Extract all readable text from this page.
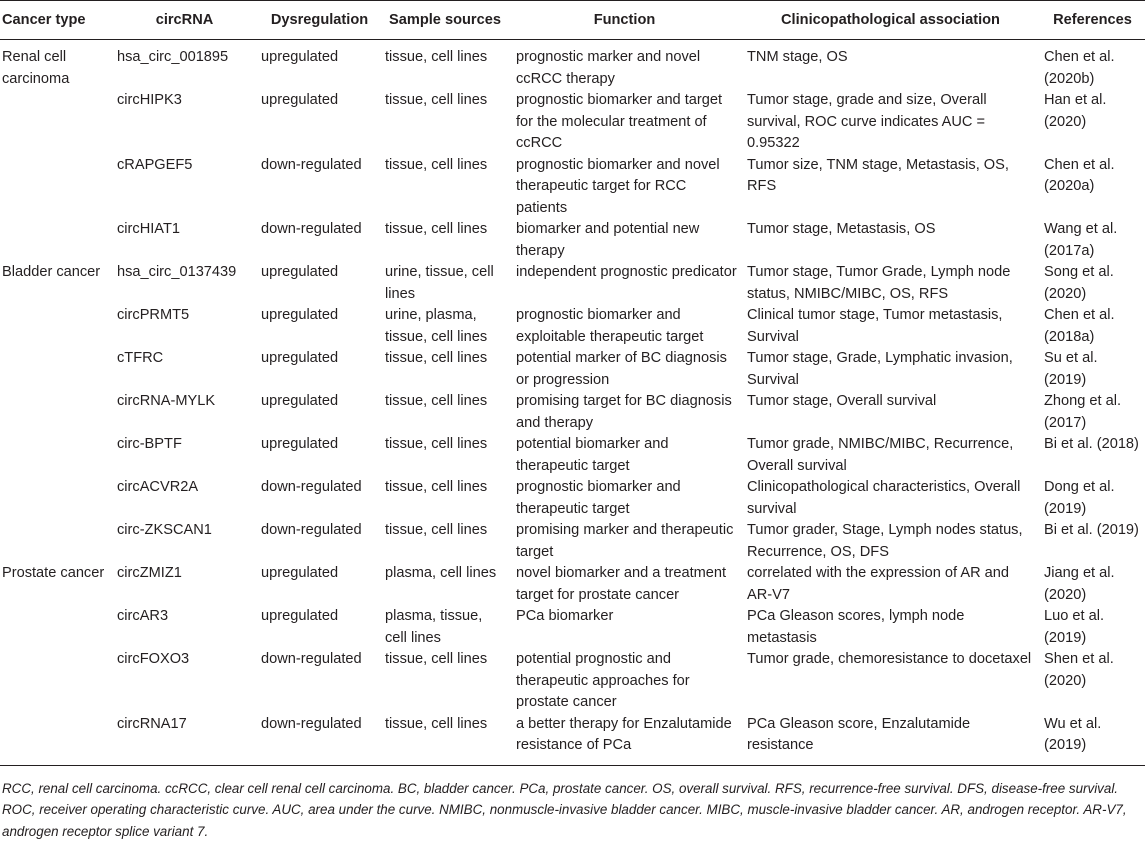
Cancer type	circRNA	Dysregulation	Sample sources	Function	Clinicopathological association	References
Renal cell carcinoma	hsa_circ_001895	upregulated	tissue, cell lines	prognostic marker and novel ccRCC therapy	TNM stage, OS	Chen et al. (2020b)
	circHIPK3	upregulated	tissue, cell lines	prognostic biomarker and target for the molecular treatment of ccRCC	Tumor stage, grade and size, Overall survival, ROC curve indicates AUC = 0.95322	Han et al. (2020)
	cRAPGEF5	down-regulated	tissue, cell lines	prognostic biomarker and novel therapeutic target for RCC patients	Tumor size, TNM stage, Metastasis, OS, RFS	Chen et al. (2020a)
	circHIAT1	down-regulated	tissue, cell lines	biomarker and potential new therapy	Tumor stage, Metastasis, OS	Wang et al. (2017a)
Bladder cancer	hsa_circ_0137439	upregulated	urine, tissue, cell lines	independent prognostic predicator	Tumor stage, Tumor Grade, Lymph node status, NMIBC/MIBC, OS, RFS	Song et al. (2020)
	circPRMT5	upregulated	urine, plasma, tissue, cell lines	prognostic biomarker and exploitable therapeutic target	Clinical tumor stage, Tumor metastasis, Survival	Chen et al. (2018a)
	cTFRC	upregulated	tissue, cell lines	potential marker of BC diagnosis or progression	Tumor stage, Grade, Lymphatic invasion, Survival	Su et al. (2019)
	circRNA-MYLK	upregulated	tissue, cell lines	promising target for BC diagnosis and therapy	Tumor stage, Overall survival	Zhong et al. (2017)
	circ-BPTF	upregulated	tissue, cell lines	potential biomarker and therapeutic target	Tumor grade, NMIBC/MIBC, Recurrence, Overall survival	Bi et al. (2018)
	circACVR2A	down-regulated	tissue, cell lines	prognostic biomarker and therapeutic target	Clinicopathological characteristics, Overall survival	Dong et al. (2019)
	circ-ZKSCAN1	down-regulated	tissue, cell lines	promising marker and therapeutic target	Tumor grader, Stage, Lymph nodes status, Recurrence, OS, DFS	Bi et al. (2019)
Prostate cancer	circZMIZ1	upregulated	plasma, cell lines	novel biomarker and a treatment target for prostate cancer	correlated with the expression of AR and AR-V7	Jiang et al. (2020)
	circAR3	upregulated	plasma, tissue, cell lines	PCa biomarker	PCa Gleason scores, lymph node metastasis	Luo et al. (2019)
	circFOXO3	down-regulated	tissue, cell lines	potential prognostic and therapeutic approaches for prostate cancer	Tumor grade, chemoresistance to docetaxel	Shen et al. (2020)
	circRNA17	down-regulated	tissue, cell lines	a better therapy for Enzalutamide resistance of PCa	PCa Gleason score, Enzalutamide resistance	Wu et al. (2019)
RCC, renal cell carcinoma. ccRCC, clear cell renal cell carcinoma. BC, bladder cancer. PCa, prostate cancer. OS, overall survival. RFS, recurrence-free survival. DFS, disease-free survival. ROC, receiver operating characteristic curve. AUC, area under the curve. NMIBC, nonmuscle-invasive bladder cancer. MIBC, muscle-invasive bladder cancer. AR, androgen receptor. AR-V7, androgen receptor splice variant 7.
